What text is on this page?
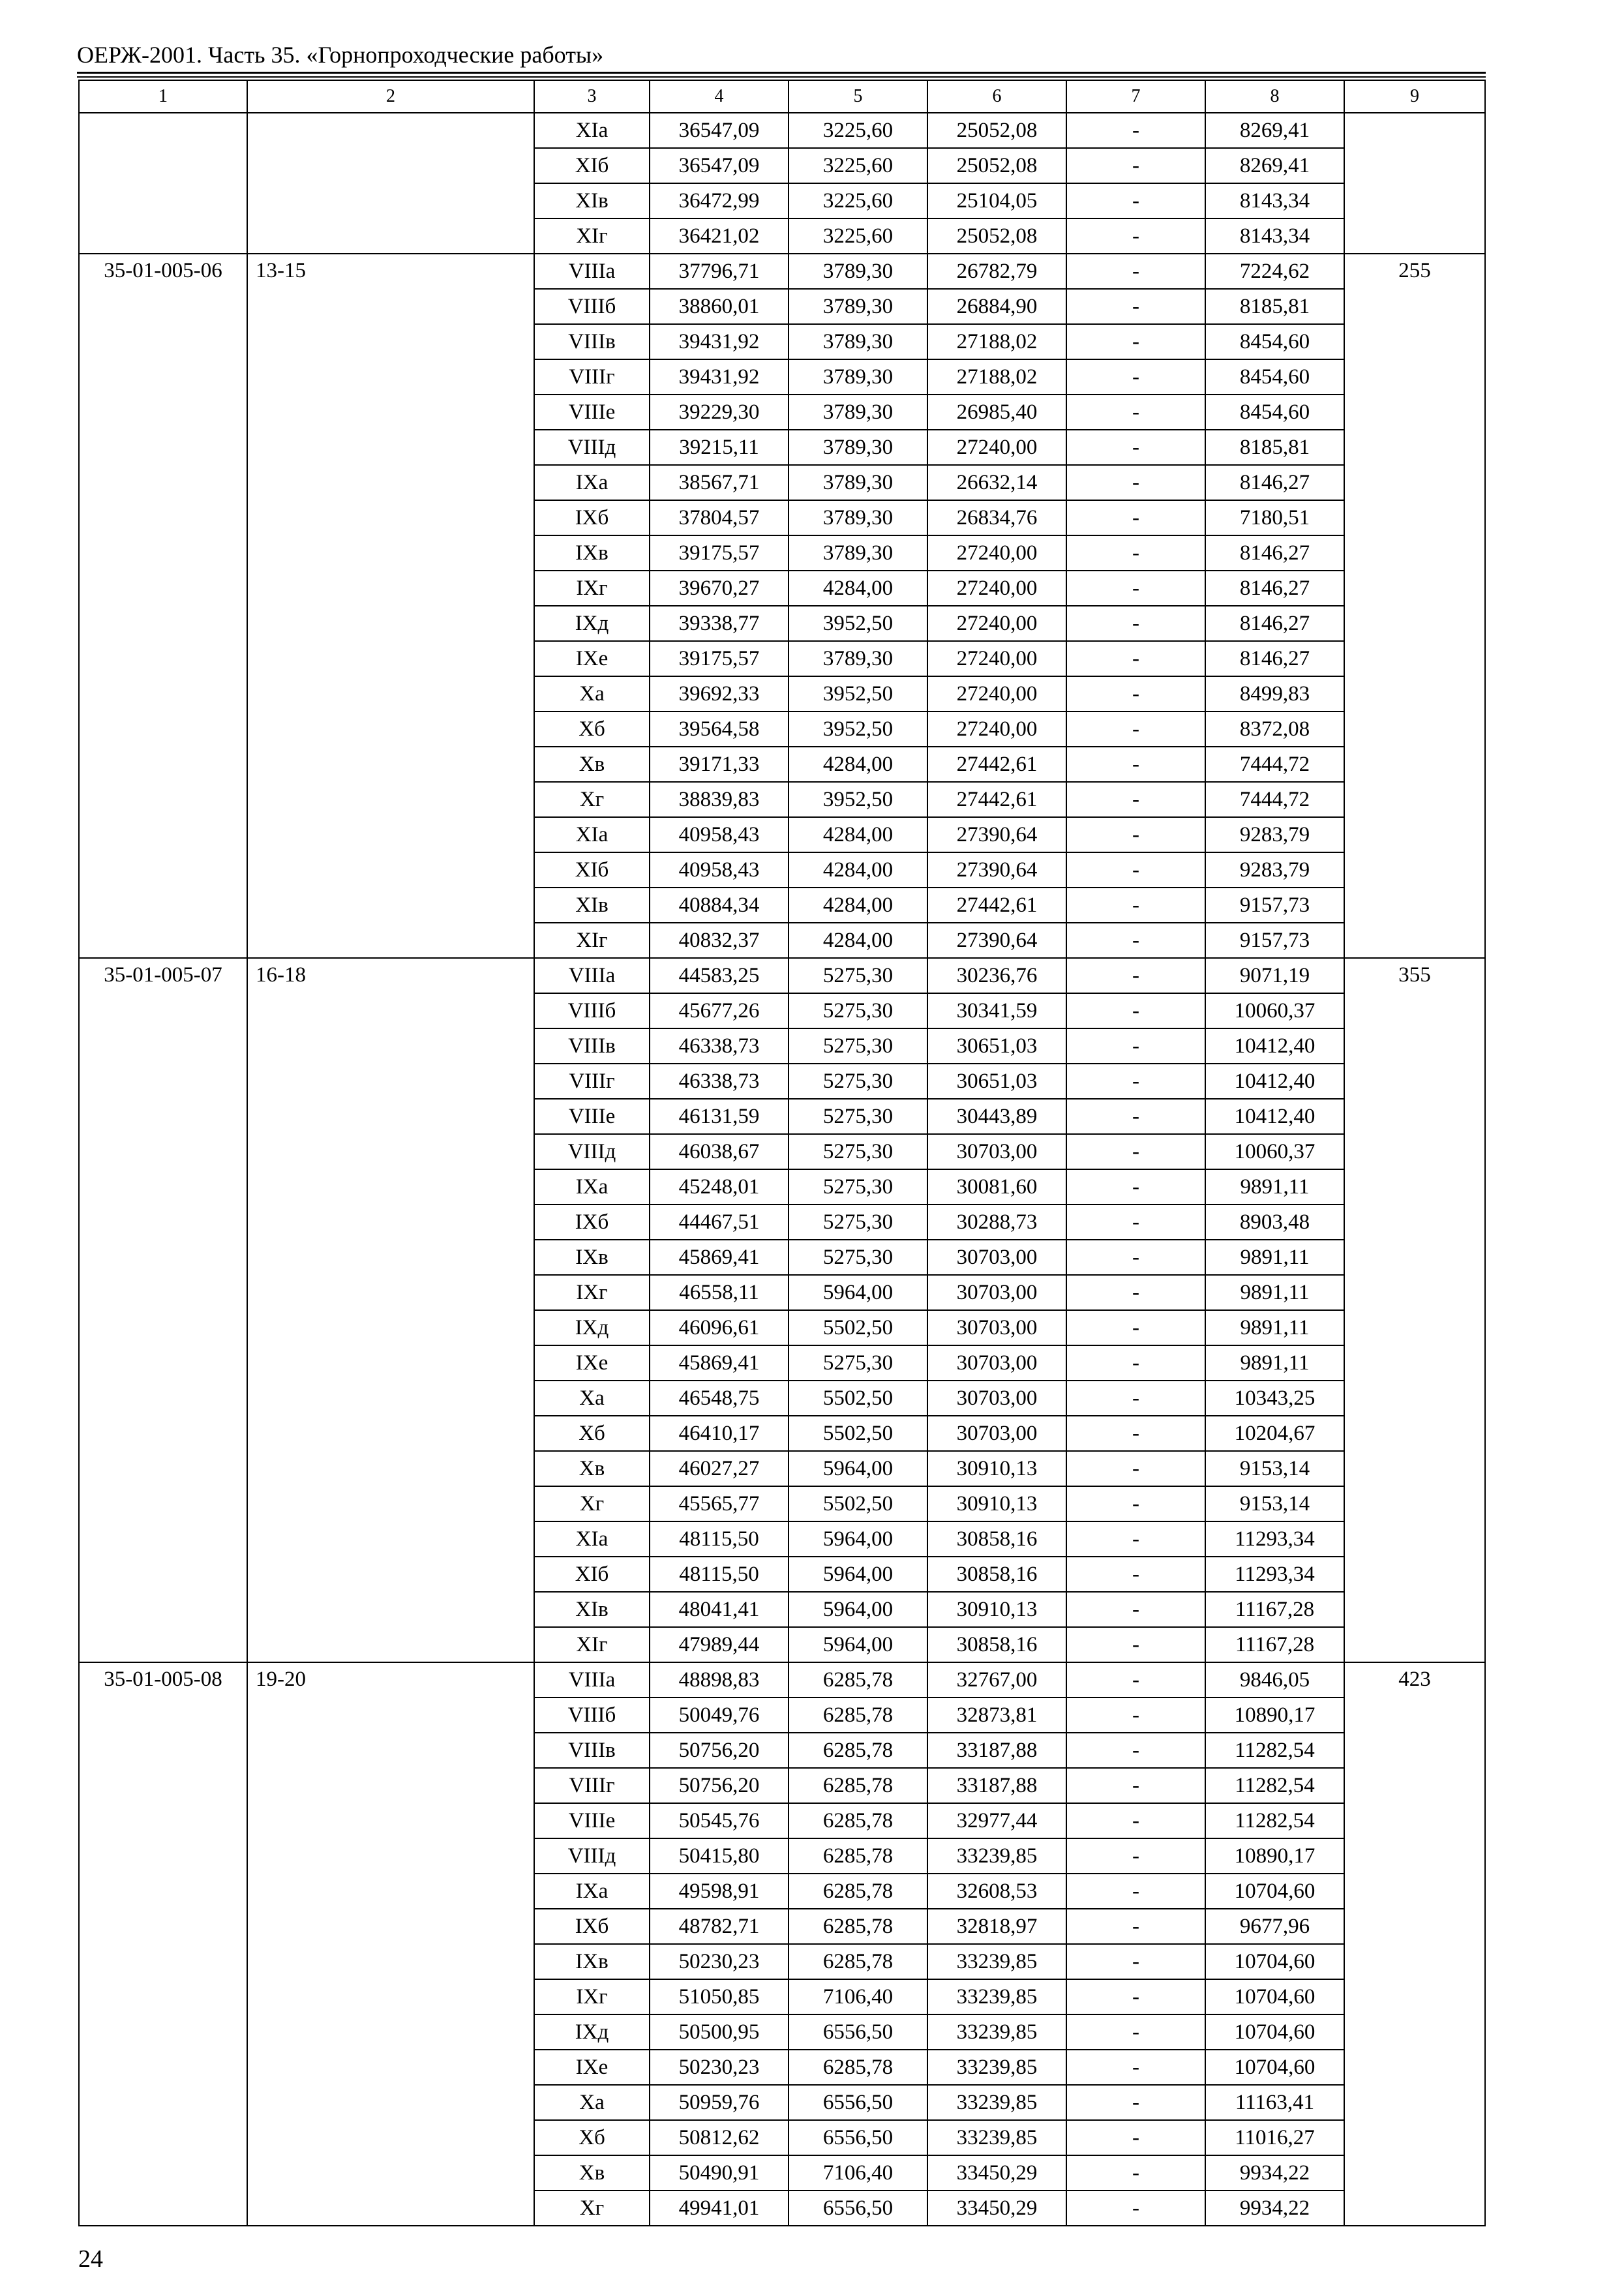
ОЕРЖ-2001. Часть 35. «Горнопроходческие работы»
1	2	3	4	5	6	7	8	9
		XIа	36547,09	3225,60	25052,08	-	8269,41	
		XIб	36547,09	3225,60	25052,08	-	8269,41	
		XIв	36472,99	3225,60	25104,05	-	8143,34	
		XIг	36421,02	3225,60	25052,08	-	8143,34	
35-01-005-06	13-15	VIIIа	37796,71	3789,30	26782,79	-	7224,62	255
		VIIIб	38860,01	3789,30	26884,90	-	8185,81	
		VIIIв	39431,92	3789,30	27188,02	-	8454,60	
		VIIIг	39431,92	3789,30	27188,02	-	8454,60	
		VIIIе	39229,30	3789,30	26985,40	-	8454,60	
		VIIIд	39215,11	3789,30	27240,00	-	8185,81	
		IXа	38567,71	3789,30	26632,14	-	8146,27	
		IXб	37804,57	3789,30	26834,76	-	7180,51	
		IXв	39175,57	3789,30	27240,00	-	8146,27	
		IXг	39670,27	4284,00	27240,00	-	8146,27	
		IXд	39338,77	3952,50	27240,00	-	8146,27	
		IXе	39175,57	3789,30	27240,00	-	8146,27	
		Xа	39692,33	3952,50	27240,00	-	8499,83	
		Xб	39564,58	3952,50	27240,00	-	8372,08	
		Xв	39171,33	4284,00	27442,61	-	7444,72	
		Xг	38839,83	3952,50	27442,61	-	7444,72	
		XIа	40958,43	4284,00	27390,64	-	9283,79	
		XIб	40958,43	4284,00	27390,64	-	9283,79	
		XIв	40884,34	4284,00	27442,61	-	9157,73	
		XIг	40832,37	4284,00	27390,64	-	9157,73	
35-01-005-07	16-18	VIIIа	44583,25	5275,30	30236,76	-	9071,19	355
		VIIIб	45677,26	5275,30	30341,59	-	10060,37	
		VIIIв	46338,73	5275,30	30651,03	-	10412,40	
		VIIIг	46338,73	5275,30	30651,03	-	10412,40	
		VIIIе	46131,59	5275,30	30443,89	-	10412,40	
		VIIIд	46038,67	5275,30	30703,00	-	10060,37	
		IXа	45248,01	5275,30	30081,60	-	9891,11	
		IXб	44467,51	5275,30	30288,73	-	8903,48	
		IXв	45869,41	5275,30	30703,00	-	9891,11	
		IXг	46558,11	5964,00	30703,00	-	9891,11	
		IXд	46096,61	5502,50	30703,00	-	9891,11	
		IXе	45869,41	5275,30	30703,00	-	9891,11	
		Xа	46548,75	5502,50	30703,00	-	10343,25	
		Xб	46410,17	5502,50	30703,00	-	10204,67	
		Xв	46027,27	5964,00	30910,13	-	9153,14	
		Xг	45565,77	5502,50	30910,13	-	9153,14	
		XIа	48115,50	5964,00	30858,16	-	11293,34	
		XIб	48115,50	5964,00	30858,16	-	11293,34	
		XIв	48041,41	5964,00	30910,13	-	11167,28	
		XIг	47989,44	5964,00	30858,16	-	11167,28	
35-01-005-08	19-20	VIIIа	48898,83	6285,78	32767,00	-	9846,05	423
		VIIIб	50049,76	6285,78	32873,81	-	10890,17	
		VIIIв	50756,20	6285,78	33187,88	-	11282,54	
		VIIIг	50756,20	6285,78	33187,88	-	11282,54	
		VIIIе	50545,76	6285,78	32977,44	-	11282,54	
		VIIIд	50415,80	6285,78	33239,85	-	10890,17	
		IXа	49598,91	6285,78	32608,53	-	10704,60	
		IXб	48782,71	6285,78	32818,97	-	9677,96	
		IXв	50230,23	6285,78	33239,85	-	10704,60	
		IXг	51050,85	7106,40	33239,85	-	10704,60	
		IXд	50500,95	6556,50	33239,85	-	10704,60	
		IXе	50230,23	6285,78	33239,85	-	10704,60	
		Xа	50959,76	6556,50	33239,85	-	11163,41	
		Xб	50812,62	6556,50	33239,85	-	11016,27	
		Xв	50490,91	7106,40	33450,29	-	9934,22	
		Xг	49941,01	6556,50	33450,29	-	9934,22	
24
